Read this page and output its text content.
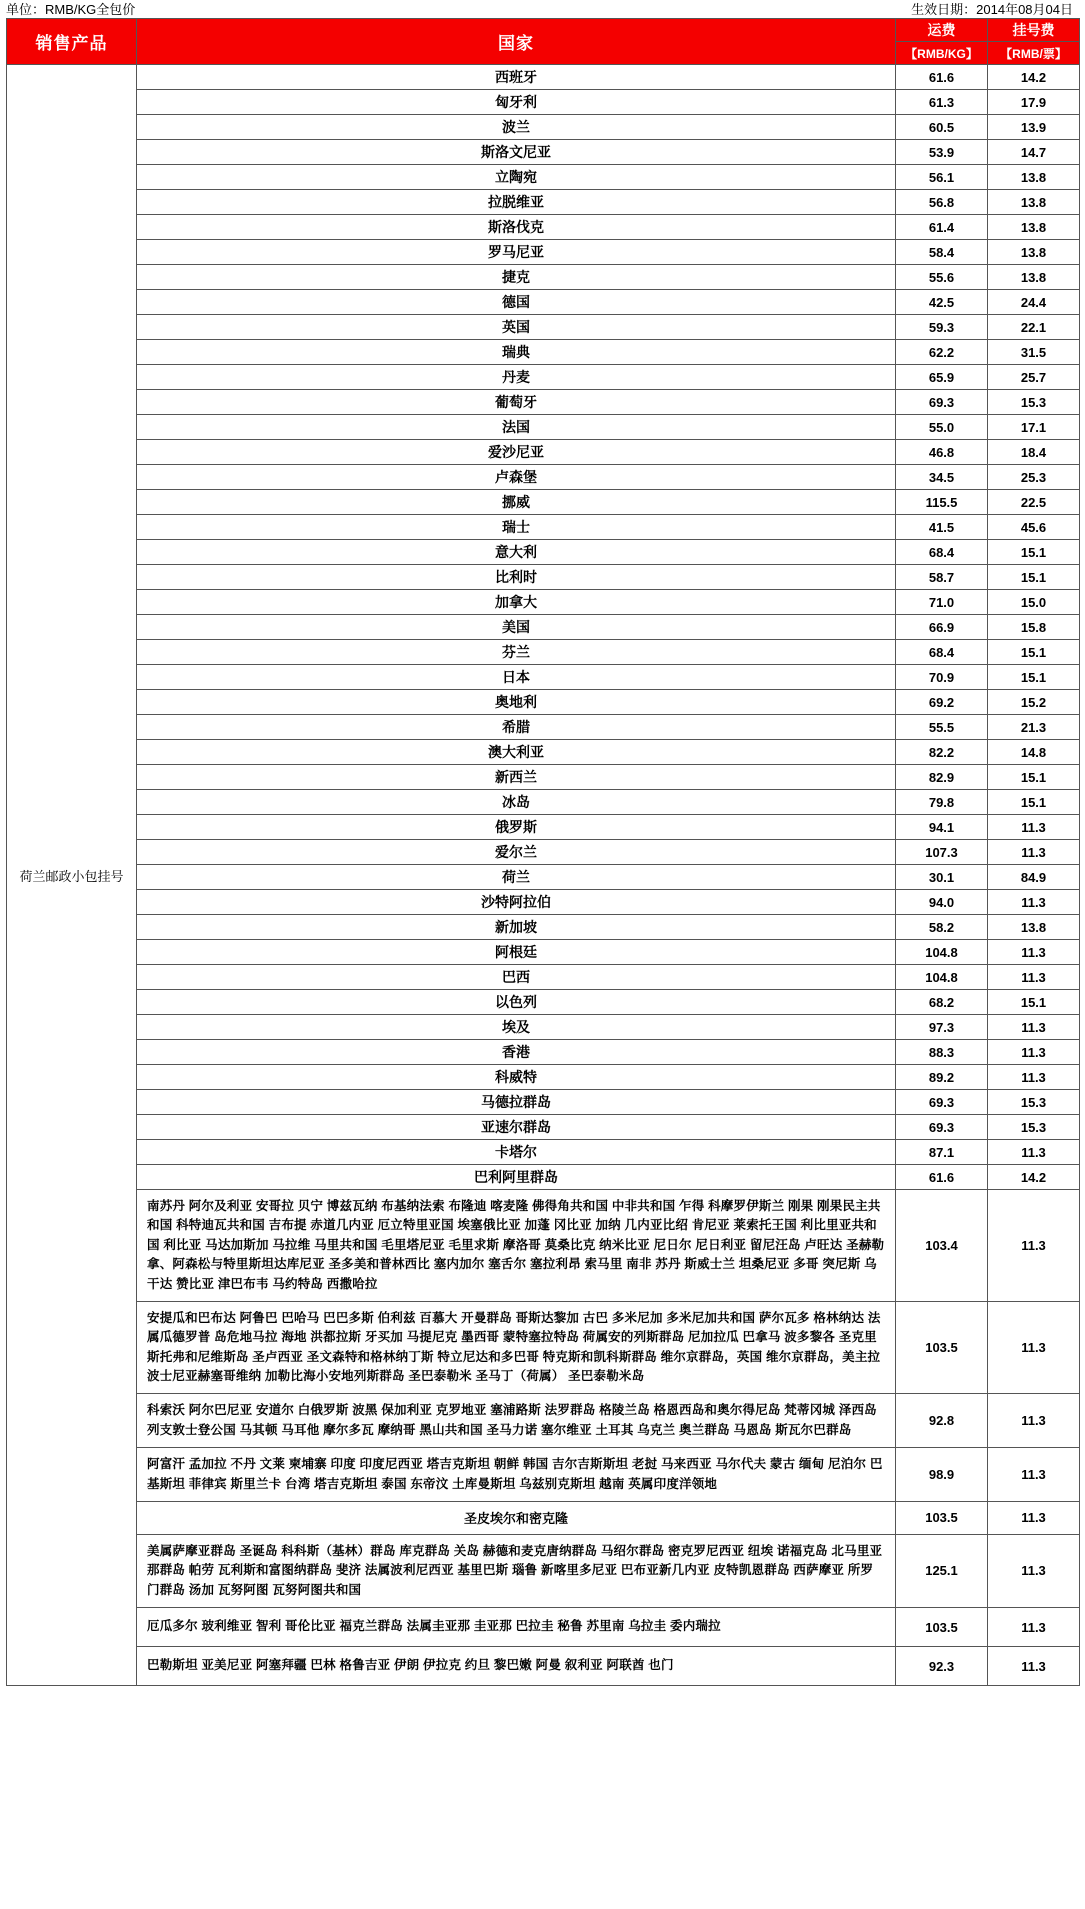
单位：RMB/KG全包价	生效日期：2014年08月04日
销售产品	国家	运费	挂号费
		【RMB/KG】	【RMB/票】
荷兰邮政小包挂号	西班牙	61.6	14.2
	匈牙利	61.3	17.9
	波兰	60.5	13.9
	斯洛文尼亚	53.9	14.7
	立陶宛	56.1	13.8
	拉脱维亚	56.8	13.8
	斯洛伐克	61.4	13.8
	罗马尼亚	58.4	13.8
	捷克	55.6	13.8
	德国	42.5	24.4
	英国	59.3	22.1
	瑞典	62.2	31.5
	丹麦	65.9	25.7
	葡萄牙	69.3	15.3
	法国	55.0	17.1
	爱沙尼亚	46.8	18.4
	卢森堡	34.5	25.3
	挪威	115.5	22.5
	瑞士	41.5	45.6
	意大利	68.4	15.1
	比利时	58.7	15.1
	加拿大	71.0	15.0
	美国	66.9	15.8
	芬兰	68.4	15.1
	日本	70.9	15.1
	奥地利	69.2	15.2
	希腊	55.5	21.3
	澳大利亚	82.2	14.8
	新西兰	82.9	15.1
	冰岛	79.8	15.1
	俄罗斯	94.1	11.3
	爱尔兰	107.3	11.3
	荷兰	30.1	84.9
	沙特阿拉伯	94.0	11.3
	新加坡	58.2	13.8
	阿根廷	104.8	11.3
	巴西	104.8	11.3
	以色列	68.2	15.1
	埃及	97.3	11.3
	香港	88.3	11.3
	科威特	89.2	11.3
	马德拉群岛	69.3	15.3
	亚速尔群岛	69.3	15.3
	卡塔尔	87.1	11.3
	巴利阿里群岛	61.6	14.2
	南苏丹 阿尔及利亚 安哥拉 贝宁 博兹瓦纳 布基纳法索 布隆迪 喀麦隆 佛得角共和国 中非共和国 乍得 科摩罗伊斯兰 刚果 刚果民主共和国 科特迪瓦共和国 吉布提 赤道几内亚 厄立特里亚国 埃塞俄比亚 加蓬 冈比亚 加纳 几内亚比绍 肯尼亚 莱索托王国 利比里亚共和国 利比亚 马达加斯加 马拉维 马里共和国 毛里塔尼亚 毛里求斯 摩洛哥 莫桑比克 纳米比亚 尼日尔 尼日利亚 留尼汪岛 卢旺达 圣赫勒拿、阿森松与特里斯坦达库尼亚 圣多美和普林西比 塞内加尔 塞舌尔 塞拉利昂 索马里 南非 苏丹 斯威士兰 坦桑尼亚 多哥 突尼斯 乌干达 赞比亚 津巴布韦 马约特岛 西撒哈拉	103.4	11.3
	安提瓜和巴布达 阿鲁巴 巴哈马 巴巴多斯 伯利兹 百慕大 开曼群岛 哥斯达黎加 古巴 多米尼加 多米尼加共和国 萨尔瓦多 格林纳达 法属瓜德罗普 岛危地马拉 海地 洪都拉斯 牙买加 马提尼克 墨西哥 蒙特塞拉特岛 荷属安的列斯群岛 尼加拉瓜 巴拿马 波多黎各 圣克里斯托弗和尼维斯岛 圣卢西亚 圣文森特和格林纳丁斯 特立尼达和多巴哥 特克斯和凯科斯群岛 维尔京群岛，英国 维尔京群岛，美主拉 波士尼亚赫塞哥维纳 加勒比海小安地列斯群岛 圣巴泰勒米 圣马丁（荷属） 圣巴泰勒米岛	103.5	11.3
	科索沃 阿尔巴尼亚 安道尔 白俄罗斯 波黑 保加利亚 克罗地亚 塞浦路斯 法罗群岛 格陵兰岛 格恩西岛和奥尔得尼岛 梵蒂冈城 泽西岛 列支敦士登公国 马其顿 马耳他 摩尔多瓦 摩纳哥 黑山共和国 圣马力诺 塞尔维亚 土耳其 乌克兰 奥兰群岛 马恩岛 斯瓦尔巴群岛	92.8	11.3
	阿富汗 孟加拉 不丹 文莱 柬埔寨 印度 印度尼西亚 塔吉克斯坦 朝鲜 韩国 吉尔吉斯斯坦 老挝 马来西亚 马尔代夫 蒙古 缅甸 尼泊尔 巴基斯坦 菲律宾 斯里兰卡 台湾 塔吉克斯坦 泰国 东帝汶 土库曼斯坦 乌兹别克斯坦 越南 英属印度洋领地	98.9	11.3
	圣皮埃尔和密克隆	103.5	11.3
	美属萨摩亚群岛 圣诞岛 科科斯（基林）群岛 库克群岛 关岛 赫德和麦克唐纳群岛 马绍尔群岛 密克罗尼西亚 纽埃 诺福克岛 北马里亚那群岛 帕劳 瓦利斯和富图纳群岛 斐济 法属波利尼西亚 基里巴斯 瑙鲁 新喀里多尼亚 巴布亚新几内亚 皮特凯恩群岛 西萨摩亚 所罗门群岛 汤加 瓦努阿图 瓦努阿图共和国	125.1	11.3
	厄瓜多尔 玻利维亚 智利 哥伦比亚 福克兰群岛 法属圭亚那 圭亚那 巴拉圭 秘鲁 苏里南 乌拉圭 委内瑞拉	103.5	11.3
	巴勒斯坦 亚美尼亚 阿塞拜疆 巴林 格鲁吉亚 伊朗 伊拉克 约旦 黎巴嫩 阿曼 叙利亚 阿联酋 也门	92.3	11.3
